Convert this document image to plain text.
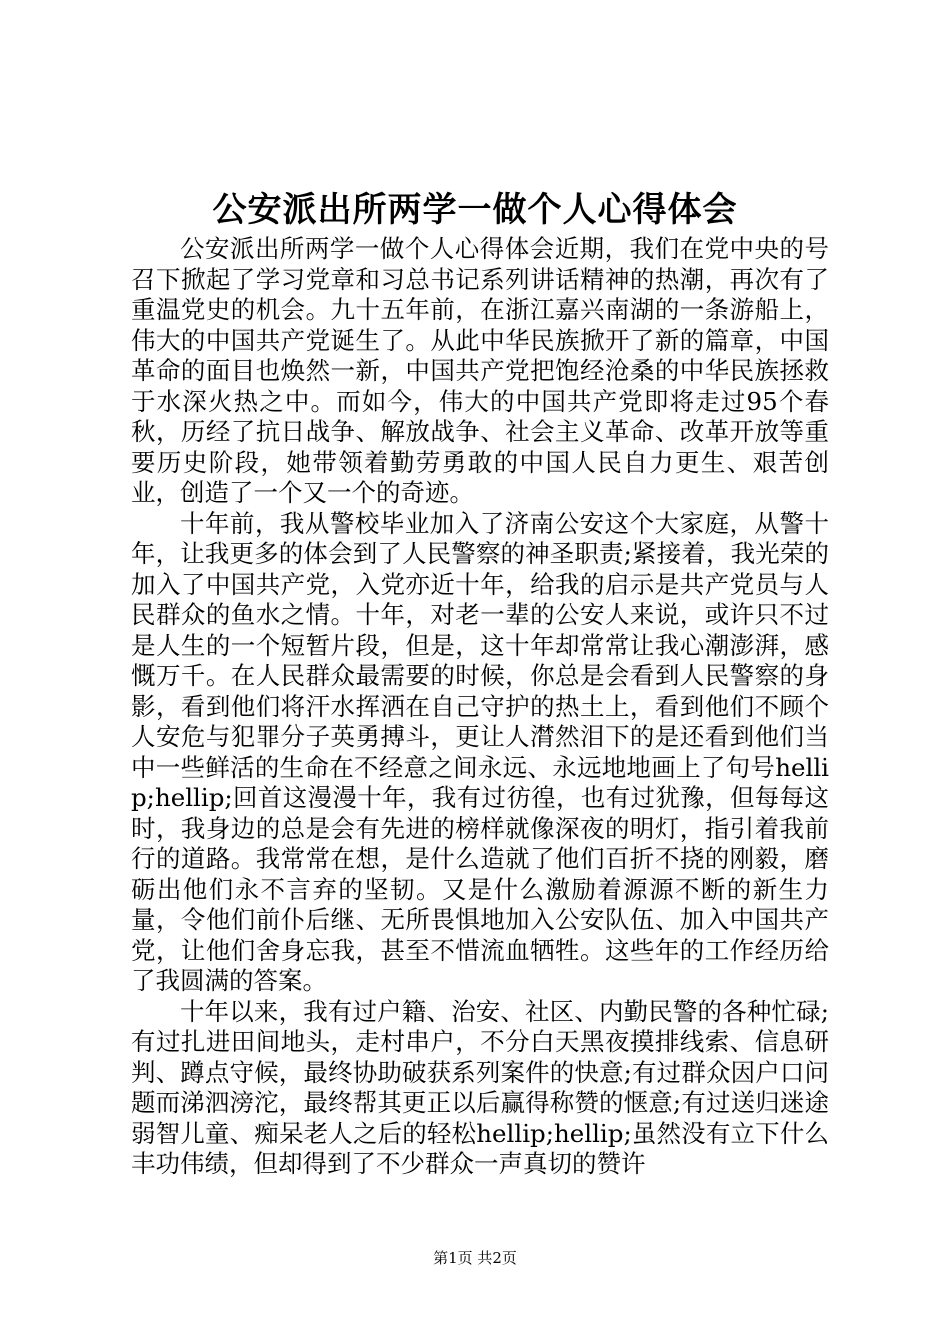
公安派出所两学一做个人心得体会

公安派出所两学一做个人心得体会近期，我们在党中央的号召下掀起了学习党章和习总书记系列讲话精神的热潮，再次有了重温党史的机会。九十五年前，在浙江嘉兴南湖的一条游船上，伟大的中国共产党诞生了。从此中华民族掀开了新的篇章，中国革命的面目也焕然一新，中国共产党把饱经沧桑的中华民族拯救于水深火热之中。而如今，伟大的中国共产党即将走过95个春秋，历经了抗日战争、解放战争、社会主义革命、改革开放等重要历史阶段，她带领着勤劳勇敢的中国人民自力更生、艰苦创业，创造了一个又一个的奇迹。

十年前，我从警校毕业加入了济南公安这个大家庭，从警十年，让我更多的体会到了人民警察的神圣职责;紧接着，我光荣的加入了中国共产党，入党亦近十年，给我的启示是共产党员与人民群众的鱼水之情。十年，对老一辈的公安人来说，或许只不过是人生的一个短暂片段，但是，这十年却常常让我心潮澎湃，感慨万千。在人民群众最需要的时候，你总是会看到人民警察的身影，看到他们将汗水挥洒在自己守护的热土上，看到他们不顾个人安危与犯罪分子英勇搏斗，更让人潸然泪下的是还看到他们当中一些鲜活的生命在不经意之间永远、永远地地画上了句号hellip;hellip;回首这漫漫十年，我有过彷徨，也有过犹豫，但每每这时，我身边的总是会有先进的榜样就像深夜的明灯，指引着我前行的道路。我常常在想，是什么造就了他们百折不挠的刚毅，磨砺出他们永不言弃的坚韧。又是什么激励着源源不断的新生力量，令他们前仆后继、无所畏惧地加入公安队伍、加入中国共产党，让他们舍身忘我，甚至不惜流血牺牲。这些年的工作经历给了我圆满的答案。

十年以来，我有过户籍、治安、社区、内勤民警的各种忙碌;有过扎进田间地头，走村串户，不分白天黑夜摸排线索、信息研判、蹲点守候，最终协助破获系列案件的快意;有过群众因户口问题而涕泗滂沱，最终帮其更正以后赢得称赞的惬意;有过送归迷途弱智儿童、痴呆老人之后的轻松hellip;hellip;虽然没有立下什么丰功伟绩，但却得到了不少群众一声真切的赞许

第1页 共2页
